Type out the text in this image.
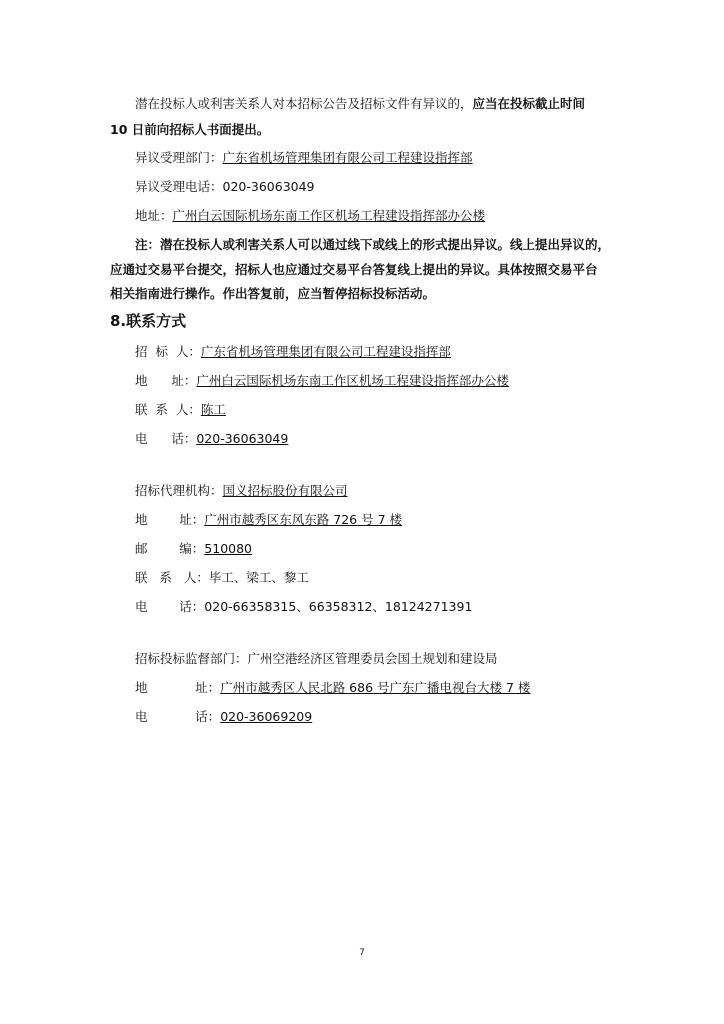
潜在投标人或利害关系人对本招标公告及招标文件有异议的，应当在投标截止时间
10 日前向招标人书面提出。
异议受理部门：广东省机场管理集团有限公司工程建设指挥部
异议受理电话：020-36063049
地址：广州白云国际机场东南工作区机场工程建设指挥部办公楼
注：潜在投标人或利害关系人可以通过线下或线上的形式提出异议。线上提出异议的，
应通过交易平台提交，招标人也应通过交易平台答复线上提出的异议。具体按照交易平台
相关指南进行操作。作出答复前，应当暂停招标投标活动。
8.联系方式
招  标  人：广东省机场管理集团有限公司工程建设指挥部
地      址：广州白云国际机场东南工作区机场工程建设指挥部办公楼
联  系  人：陈工
电      话：020-36063049
招标代理机构：国义招标股份有限公司
地        址：广州市越秀区东风东路 726 号 7 楼
邮        编：510080
联   系   人：毕工、梁工、黎工
电        话：020-66358315、66358312、18124271391
招标投标监督部门：广州空港经济区管理委员会国土规划和建设局
地            址：广州市越秀区人民北路 686 号广东广播电视台大楼 7 楼
电            话：020-36069209
7
